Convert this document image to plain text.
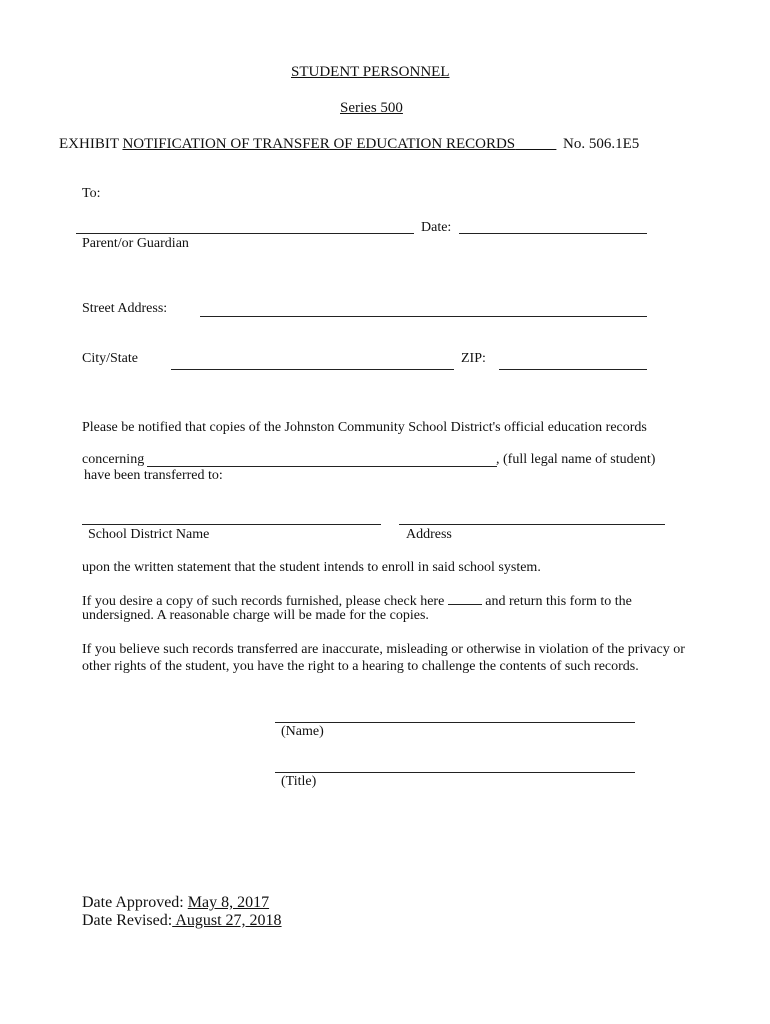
STUDENT PERSONNEL
Series 500
EXHIBIT NOTIFICATION OF TRANSFER OF EDUCATION RECORDS	No. 506.1E5
To:
Date:
Parent/or Guardian
Street Address:
City/State	ZIP:
Please be notified that copies of the Johnston Community School District's official education records
concerning	, (full legal name of student)
have been transferred to:
School District Name	Address
upon the written statement that the student intends to enroll in said school system.
If you desire a copy of such records furnished, please check here	and return this form to the
undersigned. A reasonable charge will be made for the copies.
If you believe such records transferred are inaccurate, misleading or otherwise in violation of the privacy or other rights of the student, you have the right to a hearing to challenge the contents of such records.
(Name)
(Title)
Date Approved: May 8, 2017
Date Revised: August 27, 2018
